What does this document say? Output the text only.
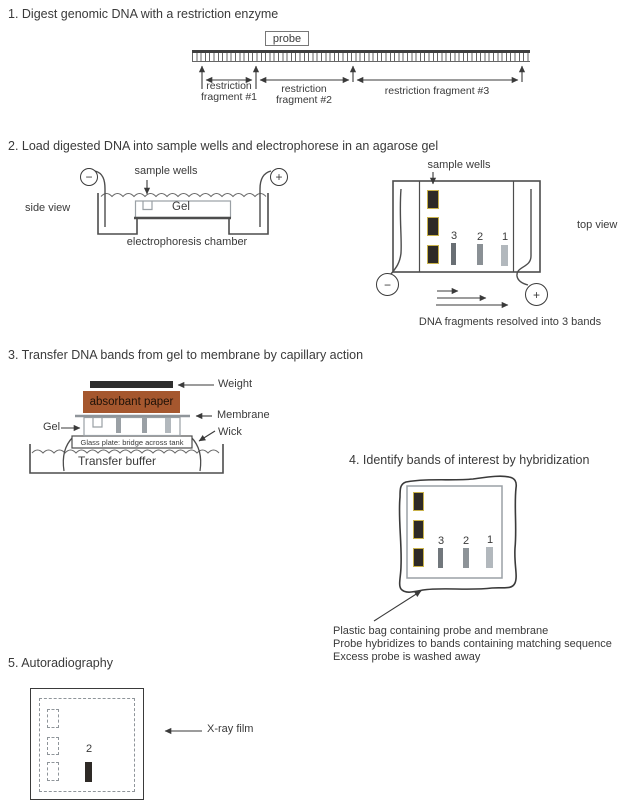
1. Digest genomic DNA with a restriction enzyme
probe
restriction
fragment #1
restriction
fragment #2
restriction fragment #3
2. Load digested DNA into sample wells and electrophorese in an agarose gel
side view
sample wells
Gel
electrophoresis chamber
−	+
sample wells
top view
3 2 1
−
+
DNA fragments resolved into 3 bands
3. Transfer DNA bands from gel to membrane by capillary action
absorbant paper
Weight
Membrane
Wick
Gel
Glass plate: bridge across tank
Transfer buffer	4. Identify bands of interest by hybridization
3 2 1
Plastic bag containing probe and membrane
Probe hybridizes to bands containing matching sequence
Excess probe is washed away
5. Autoradiography
2
X-ray film
